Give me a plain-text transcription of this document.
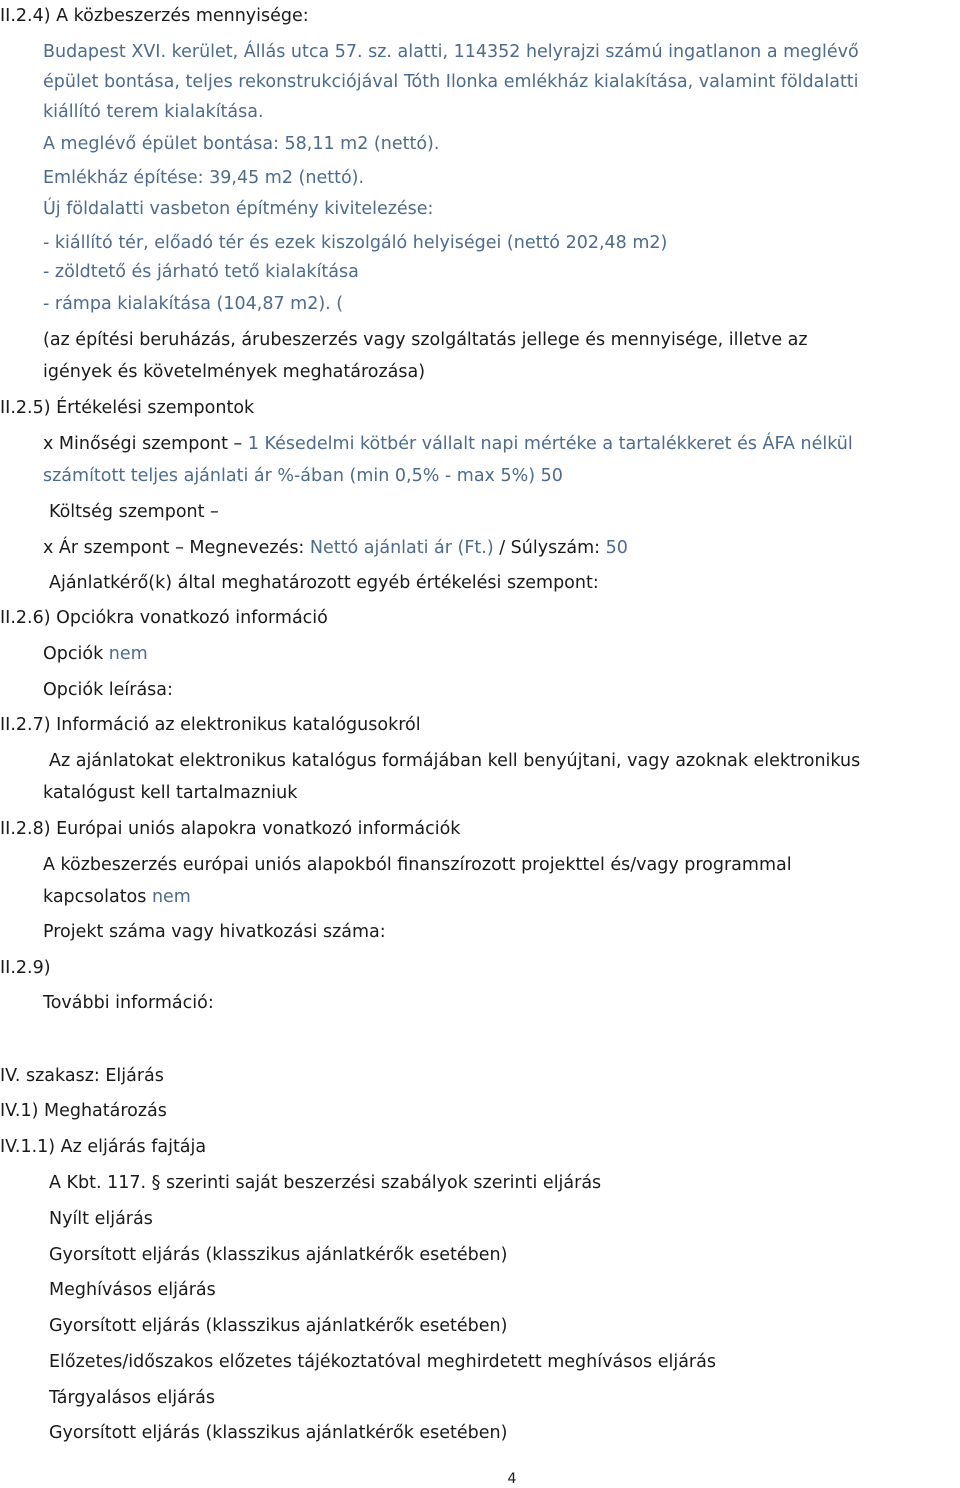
II.2.4) A közbeszerzés mennyisége:
Budapest XVI. kerület, Állás utca 57. sz. alatti, 114352 helyrajzi számú ingatlanon a meglévő
épület bontása, teljes rekonstrukciójával Tóth Ilonka emlékház kialakítása, valamint földalatti
kiállító terem kialakítása.
A meglévő épület bontása: 58,11 m2 (nettó).
Emlékház építése: 39,45 m2 (nettó).
Új földalatti vasbeton építmény kivitelezése:
- kiállító tér, előadó tér és ezek kiszolgáló helyiségei (nettó 202,48 m2)
- zöldtető és járható tető kialakítása
- rámpa kialakítása (104,87 m2). (
(az építési beruházás, árubeszerzés vagy szolgáltatás jellege és mennyisége, illetve az
igények és követelmények meghatározása)
II.2.5) Értékelési szempontok
x Minőségi szempont – 1 Késedelmi kötbér vállalt napi mértéke a tartalékkeret és ÁFA nélkül
számított teljes ajánlati ár %-ában (min 0,5% - max 5%) 50
Költség szempont –
x Ár szempont – Megnevezés: Nettó ajánlati ár (Ft.) / Súlyszám: 50
Ajánlatkérő(k) által meghatározott egyéb értékelési szempont:
II.2.6) Opciókra vonatkozó információ
Opciók nem
Opciók leírása:
II.2.7) Információ az elektronikus katalógusokról
Az ajánlatokat elektronikus katalógus formájában kell benyújtani, vagy azoknak elektronikus
katalógust kell tartalmazniuk
II.2.8) Európai uniós alapokra vonatkozó információk
A közbeszerzés európai uniós alapokból finanszírozott projekttel és/vagy programmal
kapcsolatos nem
Projekt száma vagy hivatkozási száma:
II.2.9)
További információ:
IV. szakasz: Eljárás
IV.1) Meghatározás
IV.1.1) Az eljárás fajtája
A Kbt. 117. § szerinti saját beszerzési szabályok szerinti eljárás
Nyílt eljárás
Gyorsított eljárás (klasszikus ajánlatkérők esetében)
Meghívásos eljárás
Gyorsított eljárás (klasszikus ajánlatkérők esetében)
Előzetes/időszakos előzetes tájékoztatóval meghirdetett meghívásos eljárás
Tárgyalásos eljárás
Gyorsított eljárás (klasszikus ajánlatkérők esetében)
4
